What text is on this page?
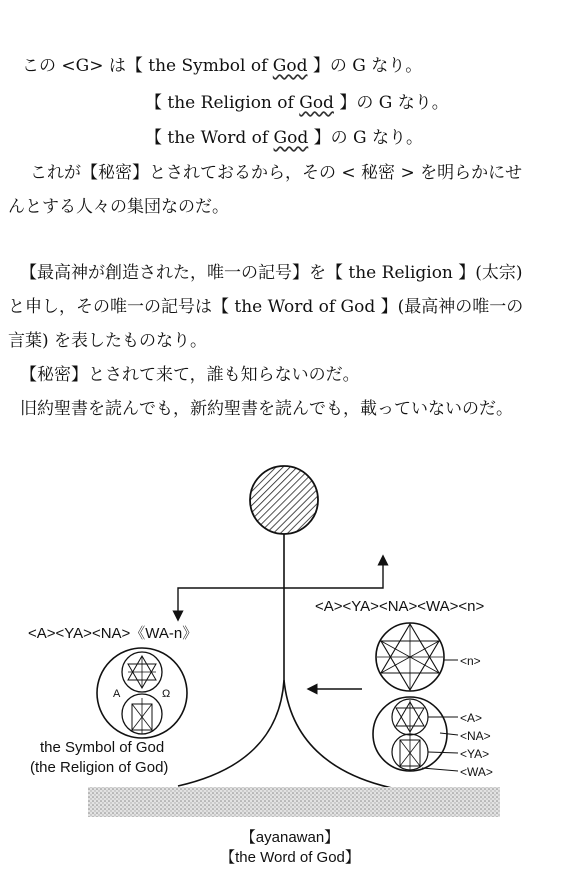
この <G> は【 the Symbol of God 】の G なり。
【 the Religion of God 】の G なり。
【 the Word of God 】の G なり。
これが【秘密】とされておるから，その < 秘密 > を明らかにせ
んとする人々の集団なのだ。
【最高神が創造された，唯一の記号】を【 the Religion 】(太宗)
と申し，その唯一の記号は【 the Word of God 】(最高神の唯一の
言葉) を表したものなり。
【秘密】とされて来て，誰も知らないのだ。
旧約聖書を読んでも，新約聖書を読んでも，載っていないのだ。
A	Ω
<A><YA><NA>《WA-n》
<A><YA><NA><WA><n>
<n>
<A>
<NA>
<YA>
<WA>
the Symbol of God
(the Religion of God)
【ayanawan】
【the Word of God】
